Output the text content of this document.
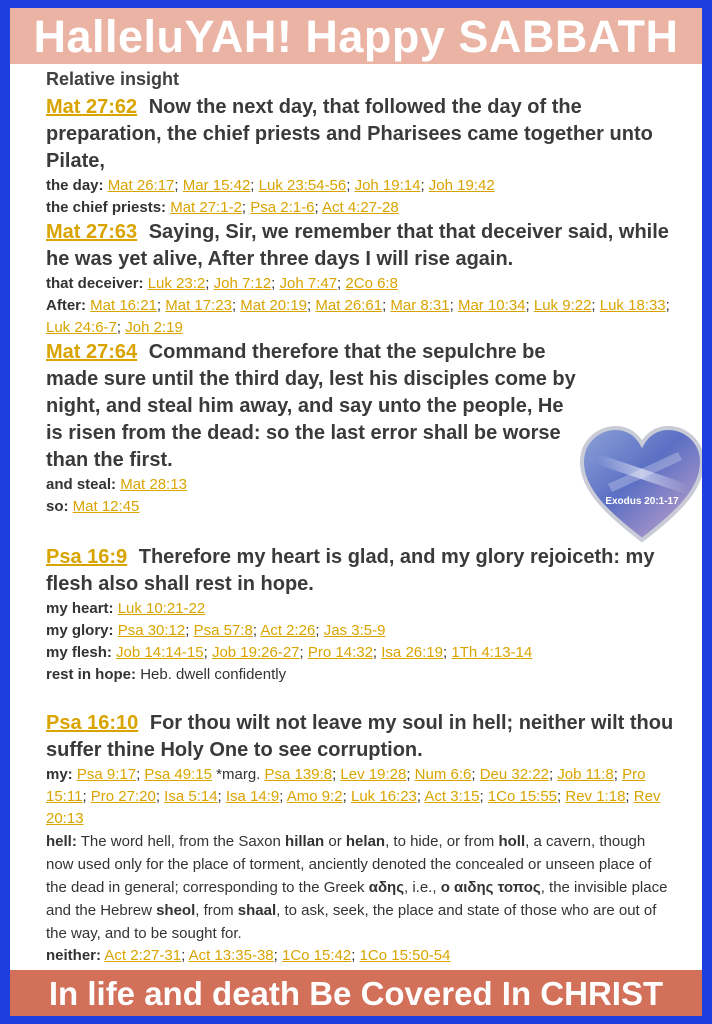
HalleluYAH! Happy SABBATH

Relative insight

Mat 27:62 Now the next day, that followed the day of the preparation, the chief priests and Pharisees came together unto Pilate,

the day: Mat 26:17; Mar 15:42; Luk 23:54-56; Joh 19:14; Joh 19:42

the chief priests: Mat 27:1-2; Psa 2:1-6; Act 4:27-28

Mat 27:63 Saying, Sir, we remember that that deceiver said, while he was yet alive, After three days I will rise again.

that deceiver: Luk 23:2; Joh 7:12; Joh 7:47; 2Co 6:8

After: Mat 16:21; Mat 17:23; Mat 20:19; Mat 26:61; Mar 8:31; Mar 10:34; Luk 9:22; Luk 18:33; Luk 24:6-7; Joh 2:19

Mat 27:64 Command therefore that the sepulchre be made sure until the third day, lest his disciples come by night, and steal him away, and say unto the people, He is risen from the dead: so the last error shall be worse than the first.

and steal: Mat 28:13

so: Mat 12:45

Psa 16:9 Therefore my heart is glad, and my glory rejoiceth: my flesh also shall rest in hope.

my heart: Luk 10:21-22

my glory: Psa 30:12; Psa 57:8; Act 2:26; Jas 3:5-9

my flesh: Job 14:14-15; Job 19:26-27; Pro 14:32; Isa 26:19; 1Th 4:13-14

rest in hope: Heb. dwell confidently

Psa 16:10 For thou wilt not leave my soul in hell; neither wilt thou suffer thine Holy One to see corruption.

my: Psa 9:17; Psa 49:15 *marg. Psa 139:8; Lev 19:28; Num 6:6; Deu 32:22; Job 11:8; Pro 15:11; Pro 27:20; Isa 5:14; Isa 14:9; Amo 9:2; Luk 16:23; Act 3:15; 1Co 15:55; Rev 1:18; Rev 20:13

hell: The word hell, from the Saxon hillan or helan, to hide, or from holl, a cavern, though now used only for the place of torment, anciently denoted the concealed or unseen place of the dead in general; corresponding to the Greek αδης, i.e., ο αιδης τοπος, the invisible place and the Hebrew sheol, from shaal, to ask, seek, the place and state of those who are out of the way, and to be sought for.

neither: Act 2:27-31; Act 13:35-38; 1Co 15:42; 1Co 15:50-54

Exodus 20:1-17
In life and death Be Covered In CHRIST
